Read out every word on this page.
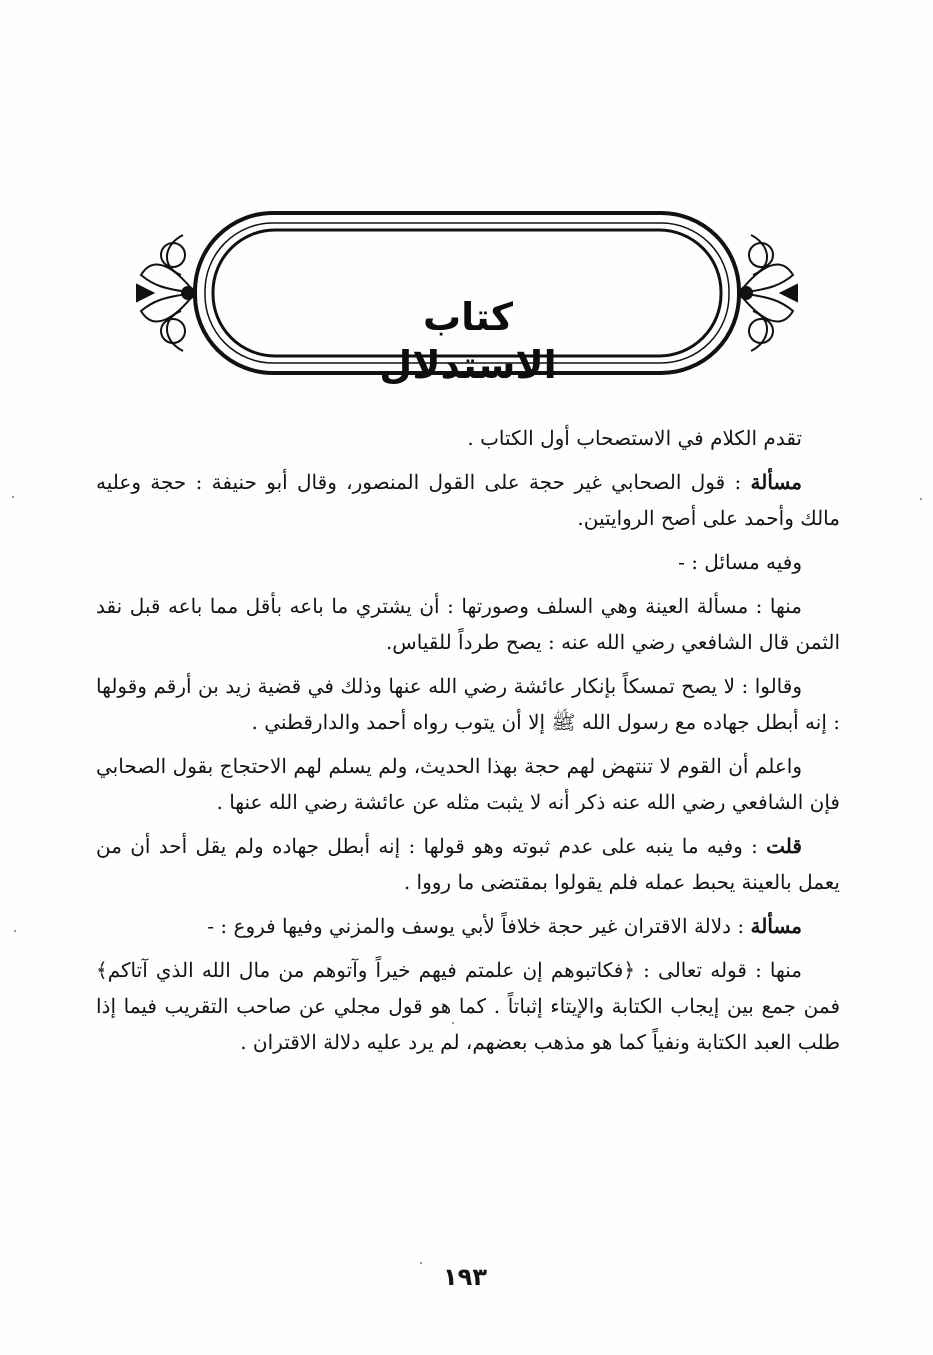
كتاب الاستدلال

تقدم الكلام في الاستصحاب أول الكتاب .

مسألة : قول الصحابي غير حجة على القول المنصور، وقال أبو حنيفة : حجة وعليه مالك وأحمد على أصح الروايتين.

وفيه مسائل : -

منها : مسألة العينة وهي السلف وصورتها : أن يشتري ما باعه بأقل مما باعه قبل نقد الثمن قال الشافعي رضي الله عنه : يصح طرداً للقياس.

وقالوا : لا يصح تمسكاً بإنكار عائشة رضي الله عنها وذلك في قضية زيد بن أرقم وقولها : إنه أبطل جهاده مع رسول الله ﷺ إلا أن يتوب رواه أحمد والدارقطني .

واعلم أن القوم لا تنتهض لهم حجة بهذا الحديث، ولم يسلم لهم الاحتجاج بقول الصحابي فإن الشافعي رضي الله عنه ذكر أنه لا يثبت مثله عن عائشة رضي الله عنها .

قلت : وفيه ما ينبه على عدم ثبوته وهو قولها : إنه أبطل جهاده ولم يقل أحد أن من يعمل بالعينة يحبط عمله فلم يقولوا بمقتضى ما رووا .

مسألة : دلالة الاقتران غير حجة خلافاً لأبي يوسف والمزني وفيها فروع : -

منها : قوله تعالى : ﴿فكاتبوهم إن علمتم فيهم خيراً وآتوهم من مال الله الذي آتاكم﴾ فمن جمع بين إيجاب الكتابة والإيتاء إثباتاً . كما هو قول مجلي عن صاحب التقريب فيما إذا طلب العبد الكتابة ونفياً كما هو مذهب بعضهم، لم يرد عليه دلالة الاقتران .

١٩٣
